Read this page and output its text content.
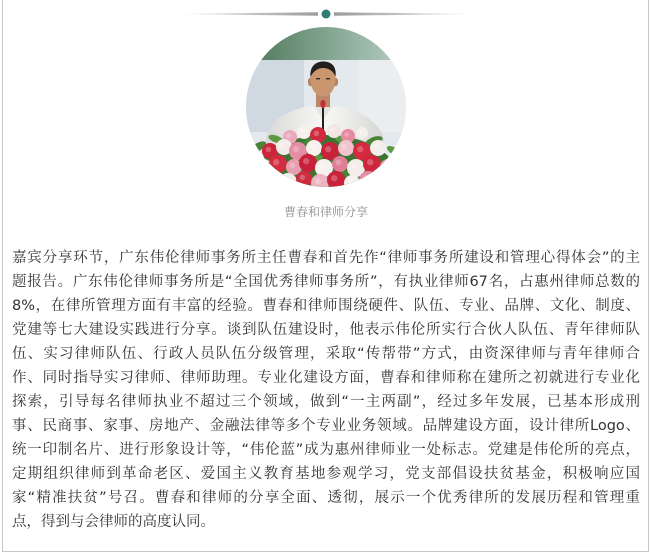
曹春和律师分享
嘉宾分享环节，广东伟伦律师事务所主任曹春和首先作“律师事务所建设和管理心得体会”的主
题报告。广东伟伦律师事务所是“全国优秀律师事务所”，有执业律师67名，占惠州律师总数的
8%，在律所管理方面有丰富的经验。曹春和律师围绕硬件、队伍、专业、品牌、文化、制度、
党建等七大建设实践进行分享。谈到队伍建设时，他表示伟伦所实行合伙人队伍、青年律师队
伍、实习律师队伍、行政人员队伍分级管理，采取“传帮带”方式，由资深律师与青年律师合
作、同时指导实习律师、律师助理。专业化建设方面，曹春和律师称在建所之初就进行专业化
探索，引导每名律师执业不超过三个领域，做到“一主两副”，经过多年发展，已基本形成刑
事、民商事、家事、房地产、金融法律等多个专业业务领域。品牌建设方面，设计律所Logo、
统一印制名片、进行形象设计等，“伟伦蓝”成为惠州律师业一处标志。党建是伟伦所的亮点，
定期组织律师到革命老区、爱国主义教育基地参观学习，党支部倡设扶贫基金，积极响应国
家“精准扶贫”号召。曹春和律师的分享全面、透彻，展示一个优秀律所的发展历程和管理重
点，得到与会律师的高度认同。
